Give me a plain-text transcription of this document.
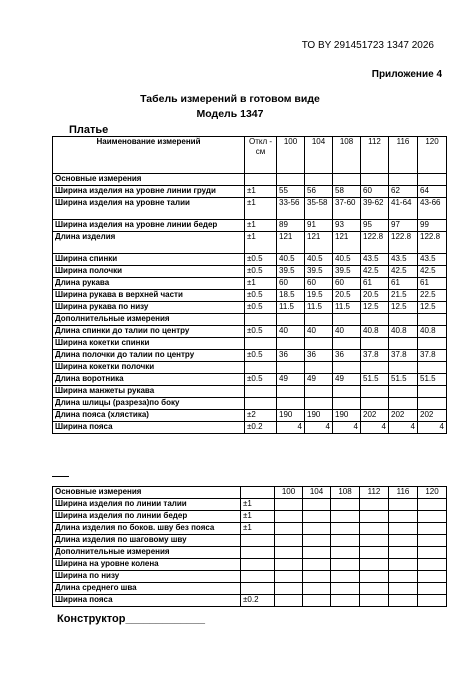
ТО BY 291451723 1347 2026
Приложение 4
Табель измерений в готовом виде
Модель 1347
Платье
Наименование измерений	Откл - см	100	104	108	112	116	120
Основные измерения							
Ширина изделия на уровне линии груди	±1	55	56	58	60	62	64
Ширина изделия на уровне талии	±1	33-56	35-58	37-60	39-62	41-64	43-66
Ширина изделия на уровне линии бедер	±1	89	91	93	95	97	99
Длина изделия	±1	121	121	121	122.8	122.8	122.8
Ширина спинки	±0.5	40.5	40.5	40.5	43.5	43.5	43.5
Ширина полочки	±0.5	39.5	39.5	39.5	42.5	42.5	42.5
Длина рукава	±1	60	60	60	61	61	61
Ширина рукава в верхней части	±0.5	18.5	19.5	20.5	20.5	21.5	22.5
Ширина рукава по низу	±0.5	11.5	11.5	11.5	12.5	12.5	12.5
Дополнительные измерения							
Длина спинки до талии по центру	±0.5	40	40	40	40.8	40.8	40.8
Ширина кокетки спинки							
Длина полочки до талии по центру	±0.5	36	36	36	37.8	37.8	37.8
Ширина кокетки полочки							
Длина воротника	±0.5	49	49	49	51.5	51.5	51.5
Ширина манжеты рукава							
Длина шлицы (разреза)по боку							
Длина пояса (хлястика)	±2	190	190	190	202	202	202
Ширина пояса	±0.2	4	4	4	4	4	4
Основные измерения		100	104	108	112	116	120
Ширина изделия по линии талии	±1						
Ширина изделия по линии бедер	±1						
Длина изделия по боков. шву без пояса	±1						
Длина изделия по шаговому шву							
Дополнительные измерения							
Ширина на уровне колена							
Ширина по низу							
Длина среднего шва							
Ширина пояса	±0.2						
Конструктор_____________
